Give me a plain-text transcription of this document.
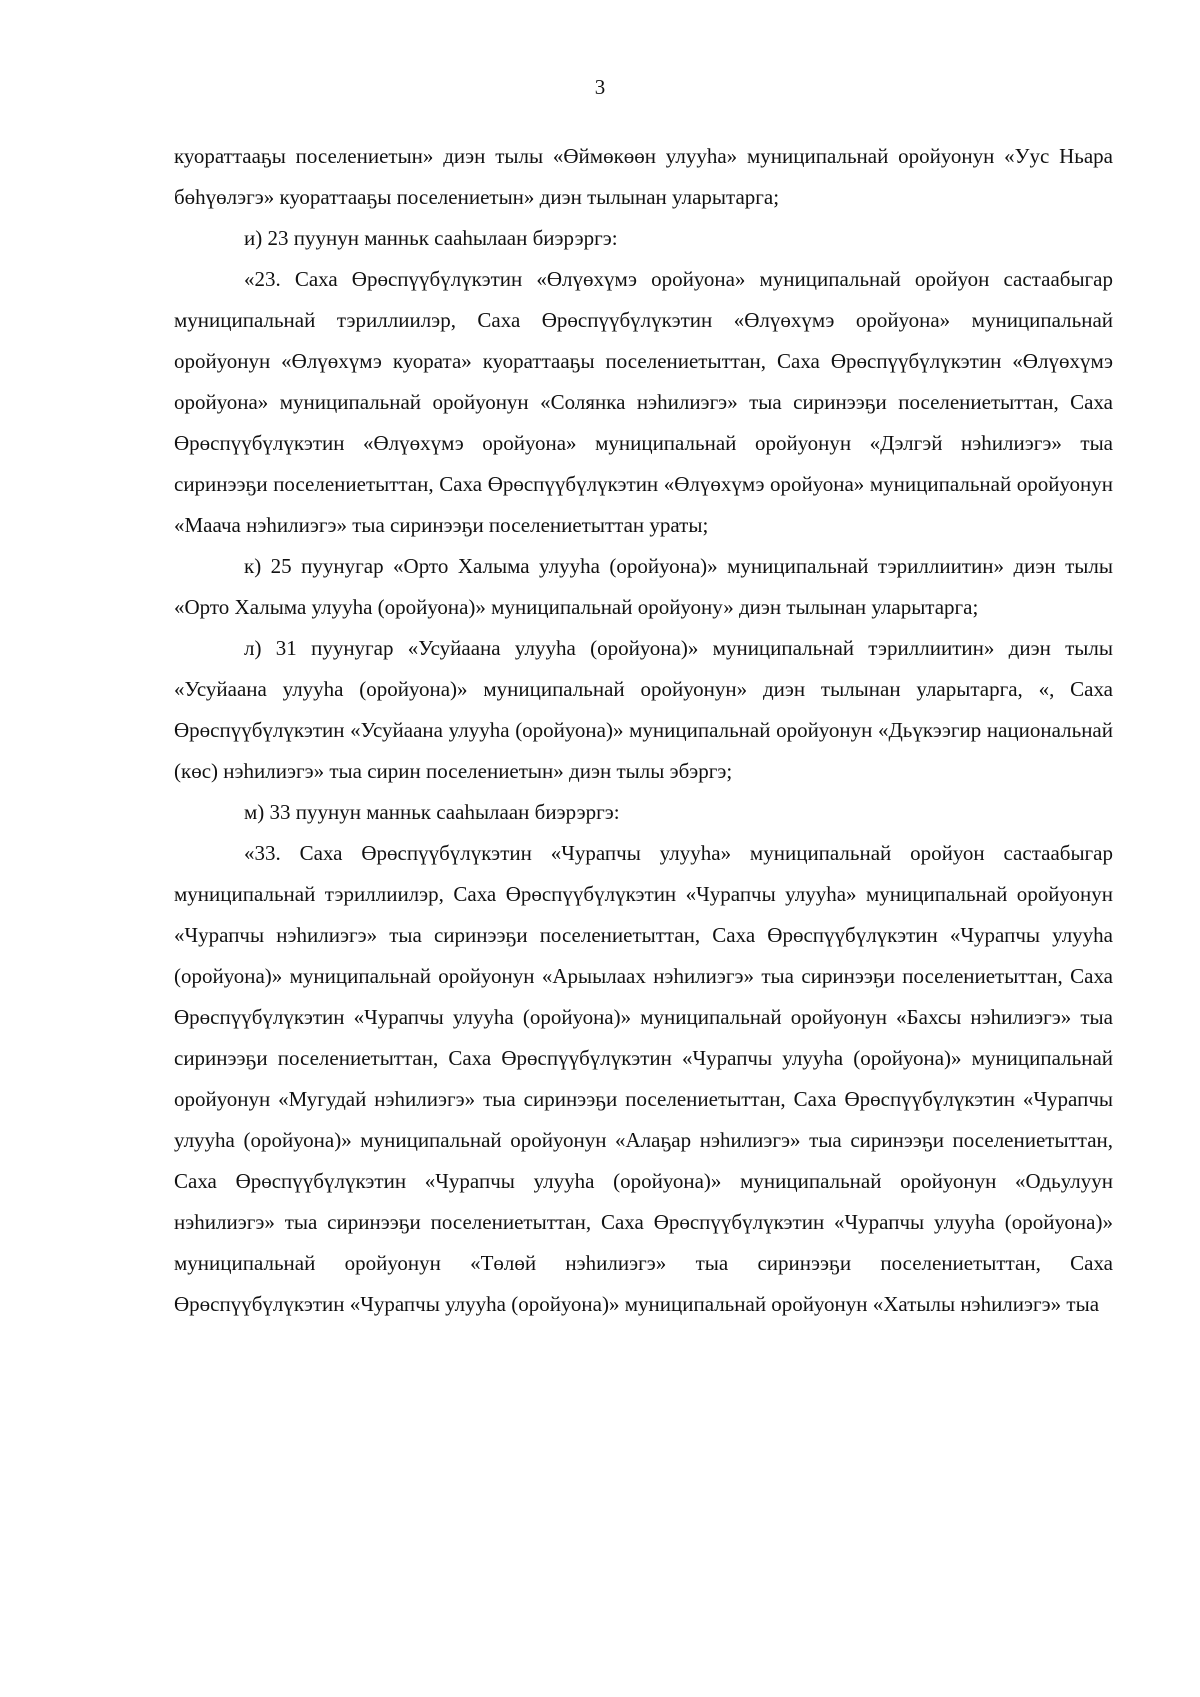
3

куораттааҕы поселениетын» диэн тылы «Өймөкөөн улууһа» муниципальнай оройуонун «Уус Ньара бөһүөлэгэ» куораттааҕы поселениетын» диэн тылынан уларытарга;

и) 23 пуунун манньк сааһылаан биэрэргэ:

«23. Саха Өрөспүүбүлүкэтин «Өлүөхүмэ оройуона» муниципальнай оройуон састаабыгар муниципальнай тэриллиилэр, Саха Өрөспүүбүлүкэтин «Өлүөхүмэ оройуона» муниципальнай оройуонун «Өлүөхүмэ куората» куораттааҕы поселениетыттан, Саха Өрөспүүбүлүкэтин «Өлүөхүмэ оройуона» муниципальнай оройуонун «Солянка нэһилиэгэ» тыа сиринээҕи поселениетыттан, Саха Өрөспүүбүлүкэтин «Өлүөхүмэ оройуона» муниципальнай оройуонун «Дэлгэй нэһилиэгэ» тыа сиринээҕи поселениетыттан, Саха Өрөспүүбүлүкэтин «Өлүөхүмэ оройуона» муниципальнай оройуонун «Маача нэһилиэгэ» тыа сиринээҕи поселениетыттан ураты;

к) 25 пуунугар «Орто Халыма улууһа (оройуона)» муниципальнай тэриллиитин» диэн тылы «Орто Халыма улууһа (оройуона)» муниципальнай оройуону» диэн тылынан уларытарга;

л) 31 пуунугар «Усуйаана улууһа (оройуона)» муниципальнай тэриллиитин» диэн тылы «Усуйаана улууһа (оройуона)» муниципальнай оройуонун» диэн тылынан уларытарга, «, Саха Өрөспүүбүлүкэтин «Усуйаана улууһа (оройуона)» муниципальнай оройуонун «Дьүкээгир национальнай (көс) нэһилиэгэ» тыа сирин поселениетын» диэн тылы эбэргэ;

м) 33 пуунун манньк сааһылаан биэрэргэ:

«33. Саха Өрөспүүбүлүкэтин «Чурапчы улууһа» муниципальнай оройуон састаабыгар муниципальнай тэриллиилэр, Саха Өрөспүүбүлүкэтин «Чурапчы улууһа» муниципальнай оройуонун «Чурапчы нэһилиэгэ» тыа сиринээҕи поселениетыттан, Саха Өрөспүүбүлүкэтин «Чурапчы улууһа (оройуона)» муниципальнай оройуонун «Арыылаах нэһилиэгэ» тыа сиринээҕи поселениетыттан, Саха Өрөспүүбүлүкэтин «Чурапчы улууһа (оройуона)» муниципальнай оройуонун «Бахсы нэһилиэгэ» тыа сиринээҕи поселениетыттан, Саха Өрөспүүбүлүкэтин «Чурапчы улууһа (оройуона)» муниципальнай оройуонун «Мугудай нэһилиэгэ» тыа сиринээҕи поселениетыттан, Саха Өрөспүүбүлүкэтин «Чурапчы улууһа (оройуона)» муниципальнай оройуонун «Алаҕар нэһилиэгэ» тыа сиринээҕи поселениетыттан, Саха Өрөспүүбүлүкэтин «Чурапчы улууһа (оройуона)» муниципальнай оройуонун «Одьулуун нэһилиэгэ» тыа сиринээҕи поселениетыттан, Саха Өрөспүүбүлүкэтин «Чурапчы улууһа (оройуона)» муниципальнай оройуонун «Төлөй нэһилиэгэ» тыа сиринээҕи поселениетыттан, Саха Өрөспүүбүлүкэтин «Чурапчы улууһа (оройуона)» муниципальнай оройуонун «Хатылы нэһилиэгэ» тыа
